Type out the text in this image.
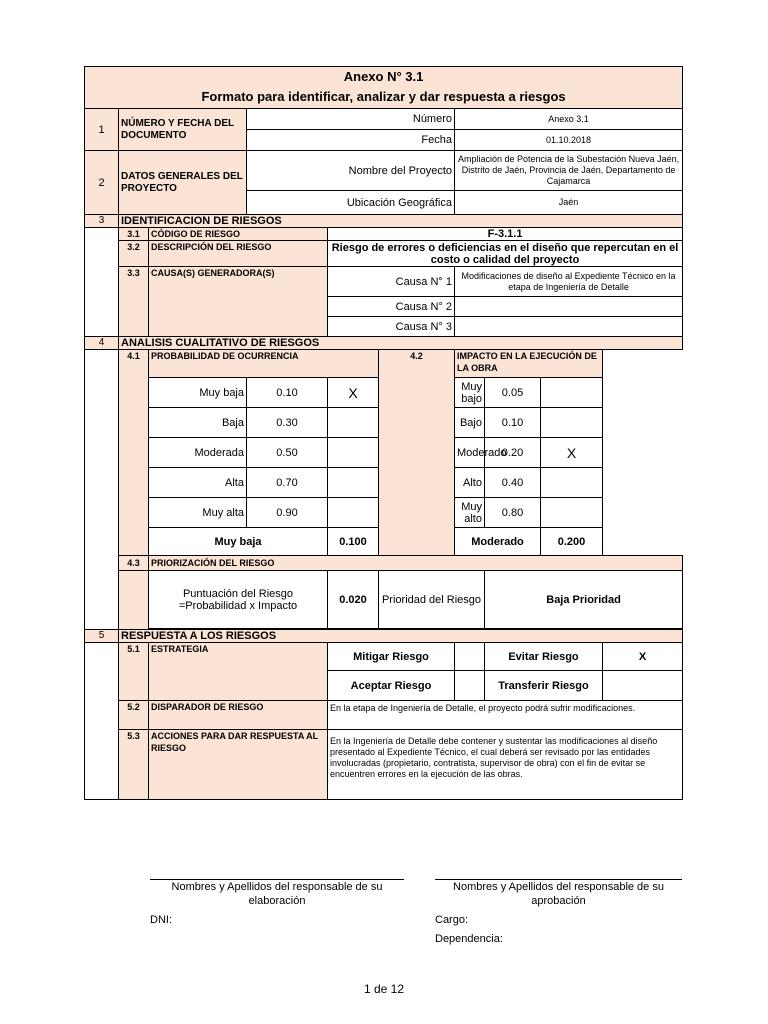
Anexo N° 3.1									
Formato para identificar, analizar y dar respuesta a riesgos									
1	NÚMERO Y FECHA DEL DOCUMENTO		Número			Anexo 3.1			
			Fecha			01.10.2018			
2	DATOS GENERALES DEL PROYECTO		Nombre del Proyecto			Ampliación de Potencia de la Subestación Nueva Jaén, Distrito de Jaén, Provincia de Jaén, Departamento de Cajamarca			
			Ubicación Geográfica			Jaén			
3	IDENTIFICACION DE RIESGOS								
	3.1	CÓDIGO DE RIESGO		F-3.1.1					
	3.2	DESCRIPCIÓN DEL RIESGO		Riesgo de errores o deficiencias en el diseño que repercutan en el costo o calidad del proyecto					
	3.3	CAUSA(S) GENERADORA(S)		Causa N° 1		Modificaciones de diseño al Expediente Técnico en la etapa de Ingeniería de Detalle			
				Causa N° 2					
				Causa N° 3					
4	ANALISIS CUALITATIVO DE RIESGOS								
	4.1	PROBABILIDAD DE OCURRENCIA			4.2	IMPACTO EN LA EJECUCIÓN DE LA OBRA			
		Muy baja	0.10	X		Muy bajo	0.05		
		Baja	0.30			Bajo	0.10		
		Moderada	0.50			Moderado	0.20	X	
		Alta	0.70			Alto	0.40		
		Muy alta	0.90			Muy alto	0.80		
		Muy baja		0.100		Moderado		0.200	
	4.3	PRIORIZACIÓN DEL RIESGO							
		Puntuación del Riesgo =Probabilidad x Impacto		0.020	Prioridad del Riesgo		Baja Prioridad		

5	RESPUESTA A LOS RIESGOS								
	5.1	ESTRATEGIA		Mitigar Riesgo			Evitar Riesgo		X
				Aceptar Riesgo			Transferir Riesgo		
	5.2	DISPARADOR DE RIESGO		En la etapa de Ingeniería de Detalle, el proyecto podrá sufrir modificaciones.					
	5.3	ACCIONES PARA DAR RESPUESTA AL RIESGO		En la Ingeniería de Detalle debe contener y sustentar las modificaciones al diseño presentado al Expediente Técnico, el cual deberá ser revisado por las entidades involucradas (propietario, contratista, supervisor de obra) con el fin de evitar se encuentren errores en la ejecución de las obras.					
Nombres y Apellidos del responsable de su elaboración
DNI:
Nombres y Apellidos del responsable de su aprobación
Cargo:
Dependencia:
1 de 12
